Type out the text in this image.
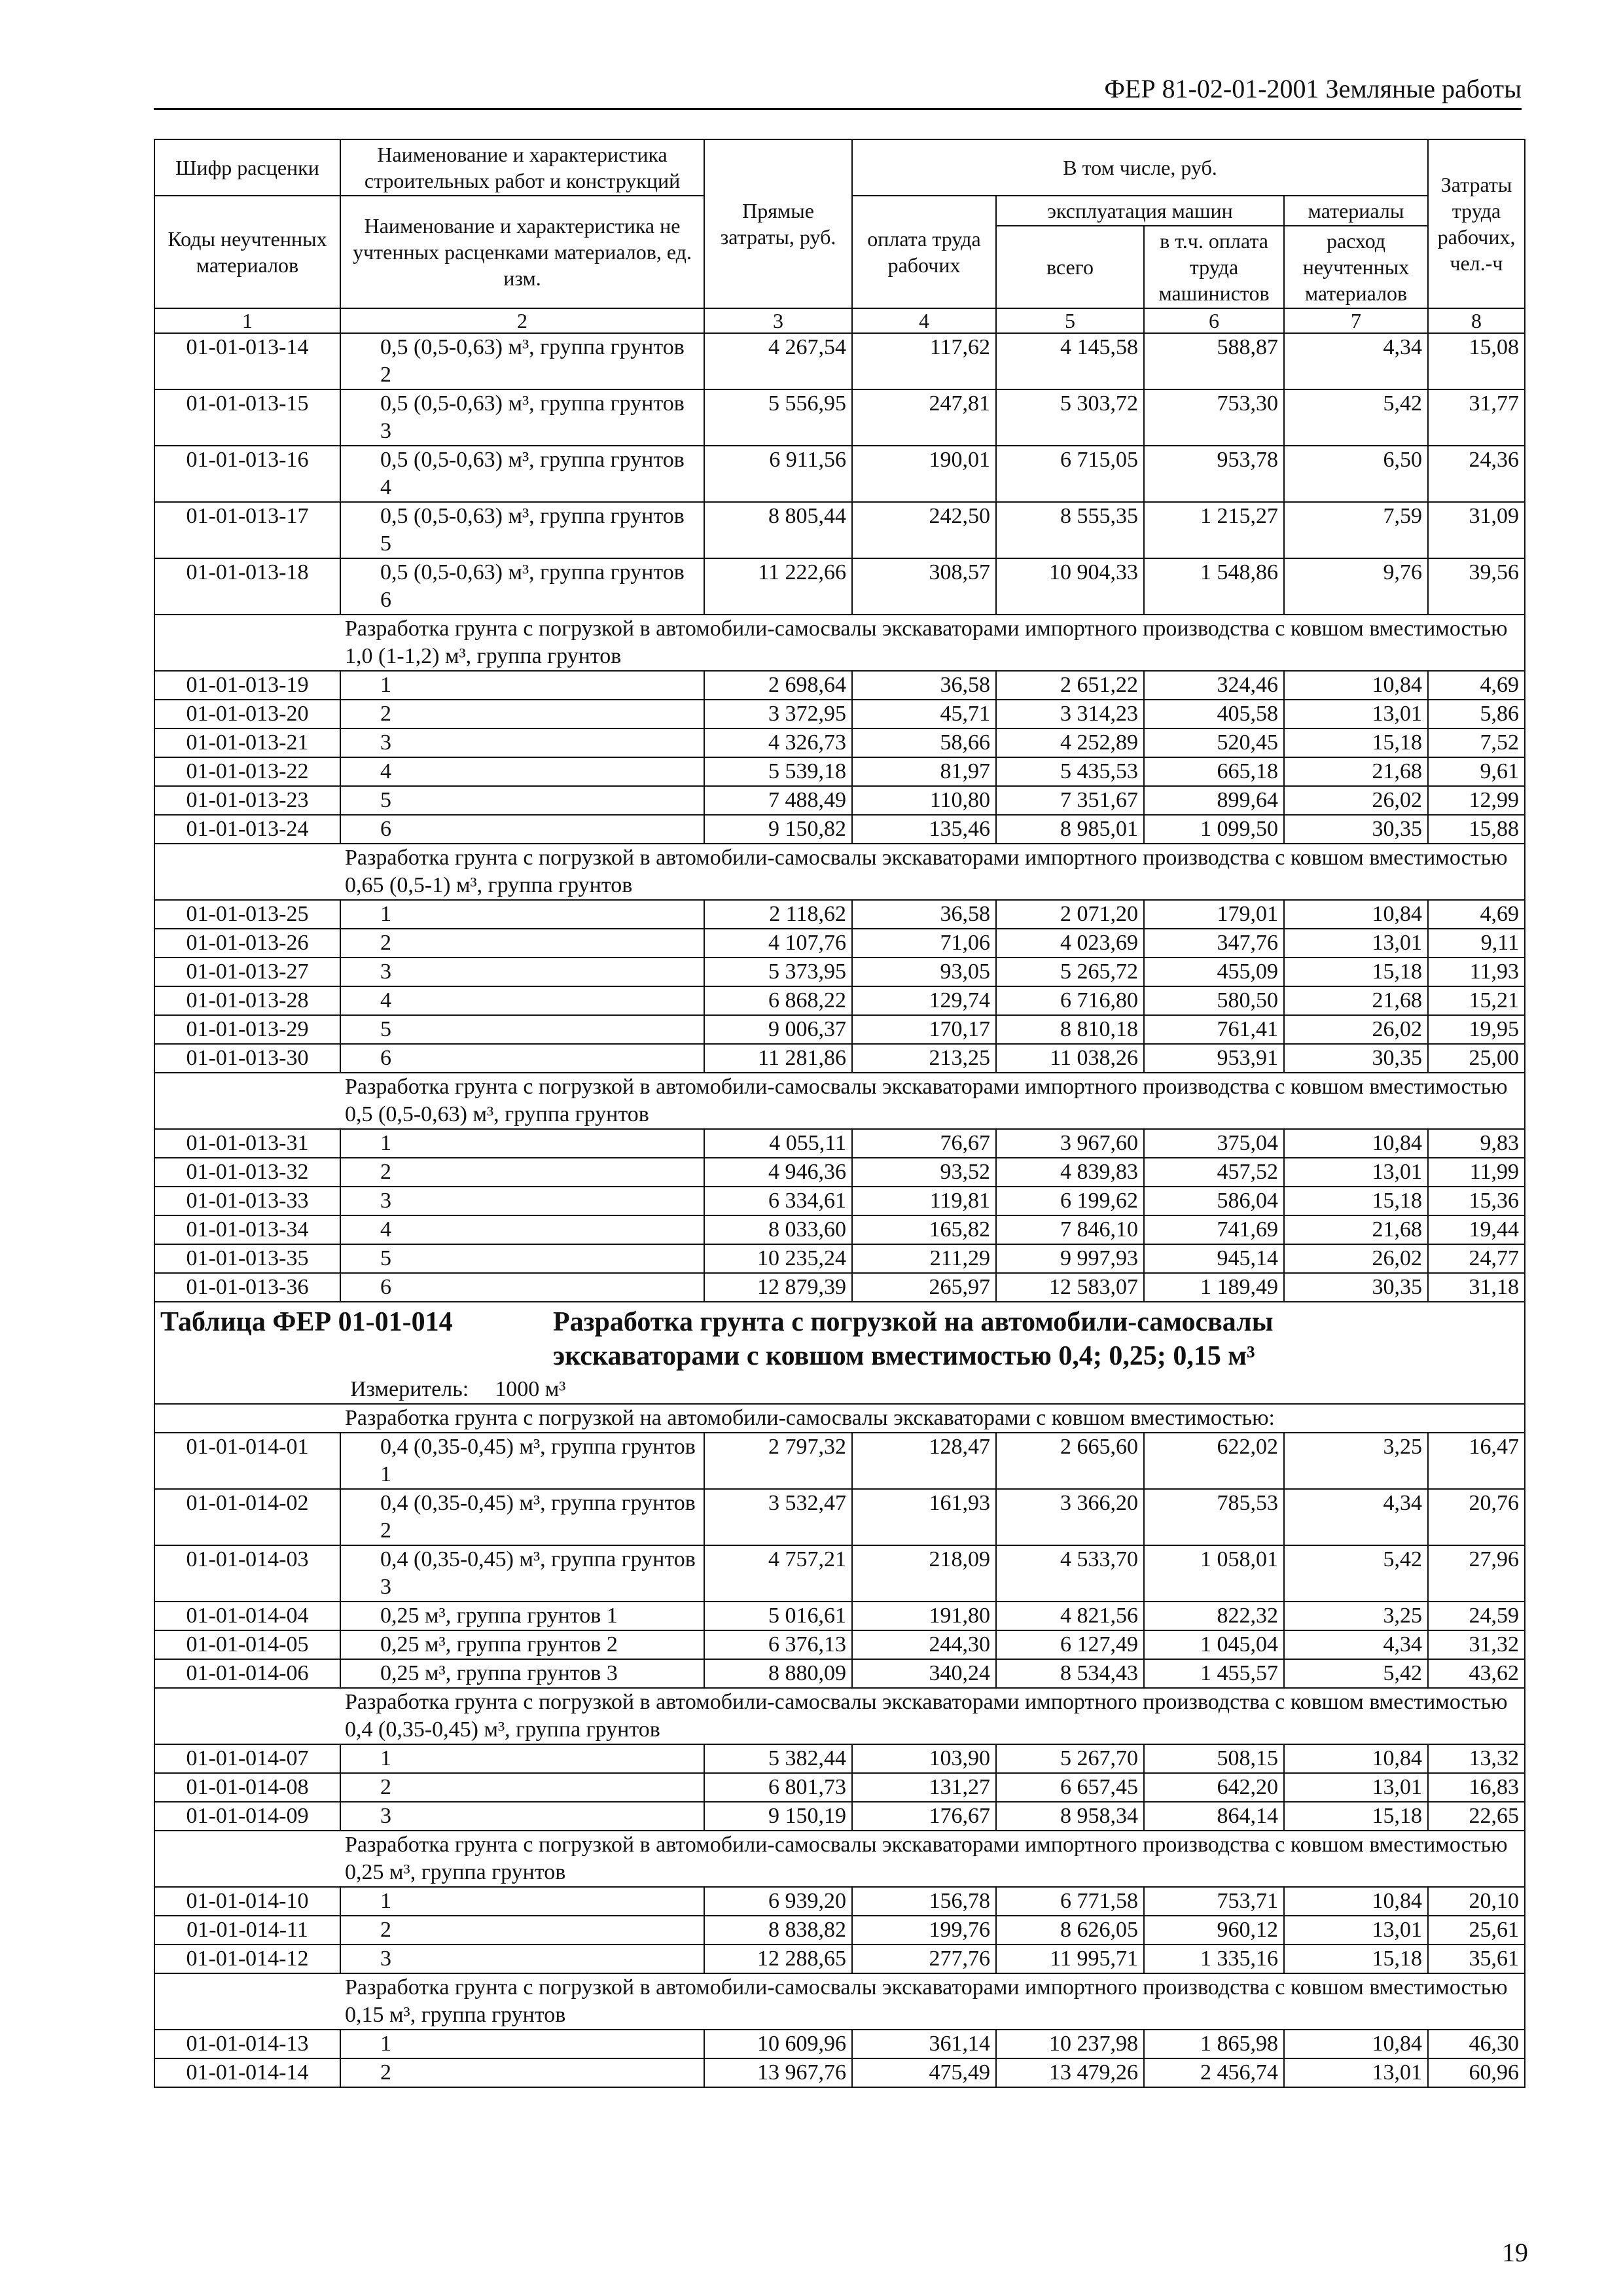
ФЕР 81-02-01-2001 Земляные работы
Шифр расценки	Наименование и характеристика строительных работ и конструкций	Прямые затраты, руб.	В том числе, руб.				Затраты труда рабочих, чел.-ч
Коды неучтенных материалов	Наименование и характеристика не учтенных расценками материалов, ед. изм.		оплата труда рабочих	эксплуатация машин		материалы	
				всего	в т.ч. оплата труда машинистов	расход неучтенных материалов	
1	2	3	4	5	6	7	8
01-01-013-14	0,5 (0,5-0,63) м³, группа грунтов 2	4 267,54	117,62	4 145,58	588,87	4,34	15,08
01-01-013-15	0,5 (0,5-0,63) м³, группа грунтов 3	5 556,95	247,81	5 303,72	753,30	5,42	31,77
01-01-013-16	0,5 (0,5-0,63) м³, группа грунтов 4	6 911,56	190,01	6 715,05	953,78	6,50	24,36
01-01-013-17	0,5 (0,5-0,63) м³, группа грунтов 5	8 805,44	242,50	8 555,35	1 215,27	7,59	31,09
01-01-013-18	0,5 (0,5-0,63) м³, группа грунтов 6	11 222,66	308,57	10 904,33	1 548,86	9,76	39,56
Разработка грунта с погрузкой в автомобили-самосвалы экскаваторами импортного производства с ковшом вместимостью 1,0 (1-1,2) м³, группа грунтов							
01-01-013-19	1	2 698,64	36,58	2 651,22	324,46	10,84	4,69
01-01-013-20	2	3 372,95	45,71	3 314,23	405,58	13,01	5,86
01-01-013-21	3	4 326,73	58,66	4 252,89	520,45	15,18	7,52
01-01-013-22	4	5 539,18	81,97	5 435,53	665,18	21,68	9,61
01-01-013-23	5	7 488,49	110,80	7 351,67	899,64	26,02	12,99
01-01-013-24	6	9 150,82	135,46	8 985,01	1 099,50	30,35	15,88
Разработка грунта с погрузкой в автомобили-самосвалы экскаваторами импортного производства с ковшом вместимостью 0,65 (0,5-1) м³, группа грунтов							
01-01-013-25	1	2 118,62	36,58	2 071,20	179,01	10,84	4,69
01-01-013-26	2	4 107,76	71,06	4 023,69	347,76	13,01	9,11
01-01-013-27	3	5 373,95	93,05	5 265,72	455,09	15,18	11,93
01-01-013-28	4	6 868,22	129,74	6 716,80	580,50	21,68	15,21
01-01-013-29	5	9 006,37	170,17	8 810,18	761,41	26,02	19,95
01-01-013-30	6	11 281,86	213,25	11 038,26	953,91	30,35	25,00
Разработка грунта с погрузкой в автомобили-самосвалы экскаваторами импортного производства с ковшом вместимостью 0,5 (0,5-0,63) м³, группа грунтов							
01-01-013-31	1	4 055,11	76,67	3 967,60	375,04	10,84	9,83
01-01-013-32	2	4 946,36	93,52	4 839,83	457,52	13,01	11,99
01-01-013-33	3	6 334,61	119,81	6 199,62	586,04	15,18	15,36
01-01-013-34	4	8 033,60	165,82	7 846,10	741,69	21,68	19,44
01-01-013-35	5	10 235,24	211,29	9 997,93	945,14	26,02	24,77
01-01-013-36	6	12 879,39	265,97	12 583,07	1 189,49	30,35	31,18
Таблица ФЕР 01-01-014 Разработка грунта с погрузкой на автомобили-самосвалы экскаваторами с ковшом вместимостью 0,4; 0,25; 0,15 м³							

Измеритель: 1000 м³							

Разработка грунта с погрузкой на автомобили-самосвалы экскаваторами с ковшом вместимостью:							
01-01-014-01	0,4 (0,35-0,45) м³, группа грунтов 1	2 797,32	128,47	2 665,60	622,02	3,25	16,47
01-01-014-02	0,4 (0,35-0,45) м³, группа грунтов 2	3 532,47	161,93	3 366,20	785,53	4,34	20,76
01-01-014-03	0,4 (0,35-0,45) м³, группа грунтов 3	4 757,21	218,09	4 533,70	1 058,01	5,42	27,96
01-01-014-04	0,25 м³, группа грунтов 1	5 016,61	191,80	4 821,56	822,32	3,25	24,59
01-01-014-05	0,25 м³, группа грунтов 2	6 376,13	244,30	6 127,49	1 045,04	4,34	31,32
01-01-014-06	0,25 м³, группа грунтов 3	8 880,09	340,24	8 534,43	1 455,57	5,42	43,62
Разработка грунта с погрузкой в автомобили-самосвалы экскаваторами импортного производства с ковшом вместимостью 0,4 (0,35-0,45) м³, группа грунтов							
01-01-014-07	1	5 382,44	103,90	5 267,70	508,15	10,84	13,32
01-01-014-08	2	6 801,73	131,27	6 657,45	642,20	13,01	16,83
01-01-014-09	3	9 150,19	176,67	8 958,34	864,14	15,18	22,65
Разработка грунта с погрузкой в автомобили-самосвалы экскаваторами импортного производства с ковшом вместимостью 0,25 м³, группа грунтов							
01-01-014-10	1	6 939,20	156,78	6 771,58	753,71	10,84	20,10
01-01-014-11	2	8 838,82	199,76	8 626,05	960,12	13,01	25,61
01-01-014-12	3	12 288,65	277,76	11 995,71	1 335,16	15,18	35,61
Разработка грунта с погрузкой в автомобили-самосвалы экскаваторами импортного производства с ковшом вместимостью 0,15 м³, группа грунтов							
01-01-014-13	1	10 609,96	361,14	10 237,98	1 865,98	10,84	46,30
01-01-014-14	2	13 967,76	475,49	13 479,26	2 456,74	13,01	60,96
19
